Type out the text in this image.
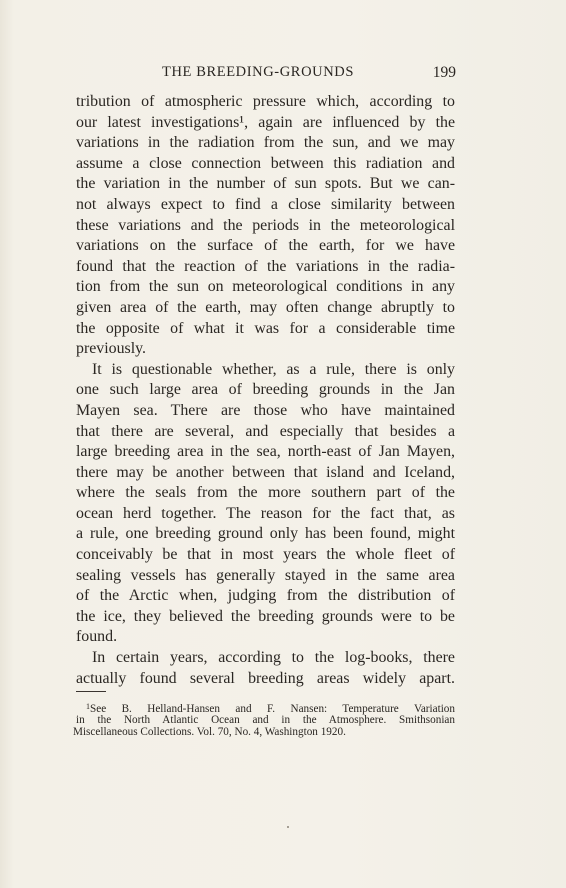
THE BREEDING-GROUNDS	199
tribution of atmospheric pressure which, according to
our latest investigations¹, again are influenced by the
variations in the radiation from the sun, and we may
assume a close connection between this radiation and
the variation in the number of sun spots. But we can-
not always expect to find a close similarity between
these variations and the periods in the meteorological
variations on the surface of the earth, for we have
found that the reaction of the variations in the radia-
tion from the sun on meteorological conditions in any
given area of the earth, may often change abruptly to
the opposite of what it was for a considerable time
previously.
It is questionable whether, as a rule, there is only
one such large area of breeding grounds in the Jan
Mayen sea. There are those who have maintained
that there are several, and especially that besides a
large breeding area in the sea, north-east of Jan Mayen,
there may be another between that island and Iceland,
where the seals from the more southern part of the
ocean herd together. The reason for the fact that, as
a rule, one breeding ground only has been found, might
conceivably be that in most years the whole fleet of
sealing vessels has generally stayed in the same area
of the Arctic when, judging from the distribution of
the ice, they believed the breeding grounds were to be
found.
In certain years, according to the log-books, there
actually found several breeding areas widely apart.
$^1$See B. Helland-Hansen and F. Nansen: Temperature Variation
in the North Atlantic Ocean and in the Atmosphere. Smithsonian
Miscellaneous Collections. Vol. 70, No. 4, Washington 1920.
